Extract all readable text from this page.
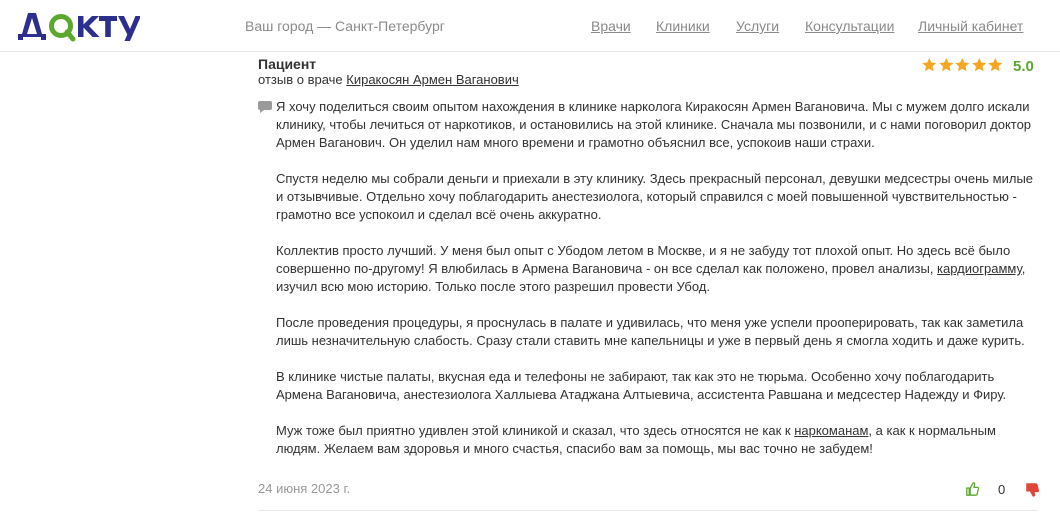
Ваш город — Санкт-Петербург	Врачи Клиники Услуги Консультации Личный кабинет
Пациент
отзыв о враче Киракосян Армен Ваганович
5.0

Я хочу поделиться своим опытом нахождения в клинике нарколога Киракосян Армен Вагановича. Мы с мужем долго искали клинику, чтобы лечиться от наркотиков, и остановились на этой клинике. Сначала мы позвонили, и с нами поговорил доктор Армен Ваганович. Он уделил нам много времени и грамотно объяснил все, успокоив наши страхи.

Спустя неделю мы собрали деньги и приехали в эту клинику. Здесь прекрасный персонал, девушки медсестры очень милые и отзывчивые. Отдельно хочу поблагодарить анестезиолога, который справился с моей повышенной чувствительностью - грамотно все успокоил и сделал всё очень аккуратно.

Коллектив просто лучший. У меня был опыт с Убодом летом в Москве, и я не забуду тот плохой опыт. Но здесь всё было совершенно по-другому! Я влюбилась в Армена Вагановича - он все сделал как положено, провел анализы, кардиограмму, изучил всю мою историю. Только после этого разрешил провести Убод.

После проведения процедуры, я проснулась в палате и удивилась, что меня уже успели прооперировать, так как заметила лишь незначительную слабость. Сразу стали ставить мне капельницы и уже в первый день я смогла ходить и даже курить.

В клинике чистые палаты, вкусная еда и телефоны не забирают, так как это не тюрьма. Особенно хочу поблагодарить Армена Вагановича, анестезиолога Халлыева Атаджана Алтыевича, ассистента Равшана и медсестер Надежду и Фиру.

Муж тоже был приятно удивлен этой клиникой и сказал, что здесь относятся не как к наркоманам, а как к нормальным людям. Желаем вам здоровья и много счастья, спасибо вам за помощь, мы вас точно не забудем!

24 июня 2023 г.	0
